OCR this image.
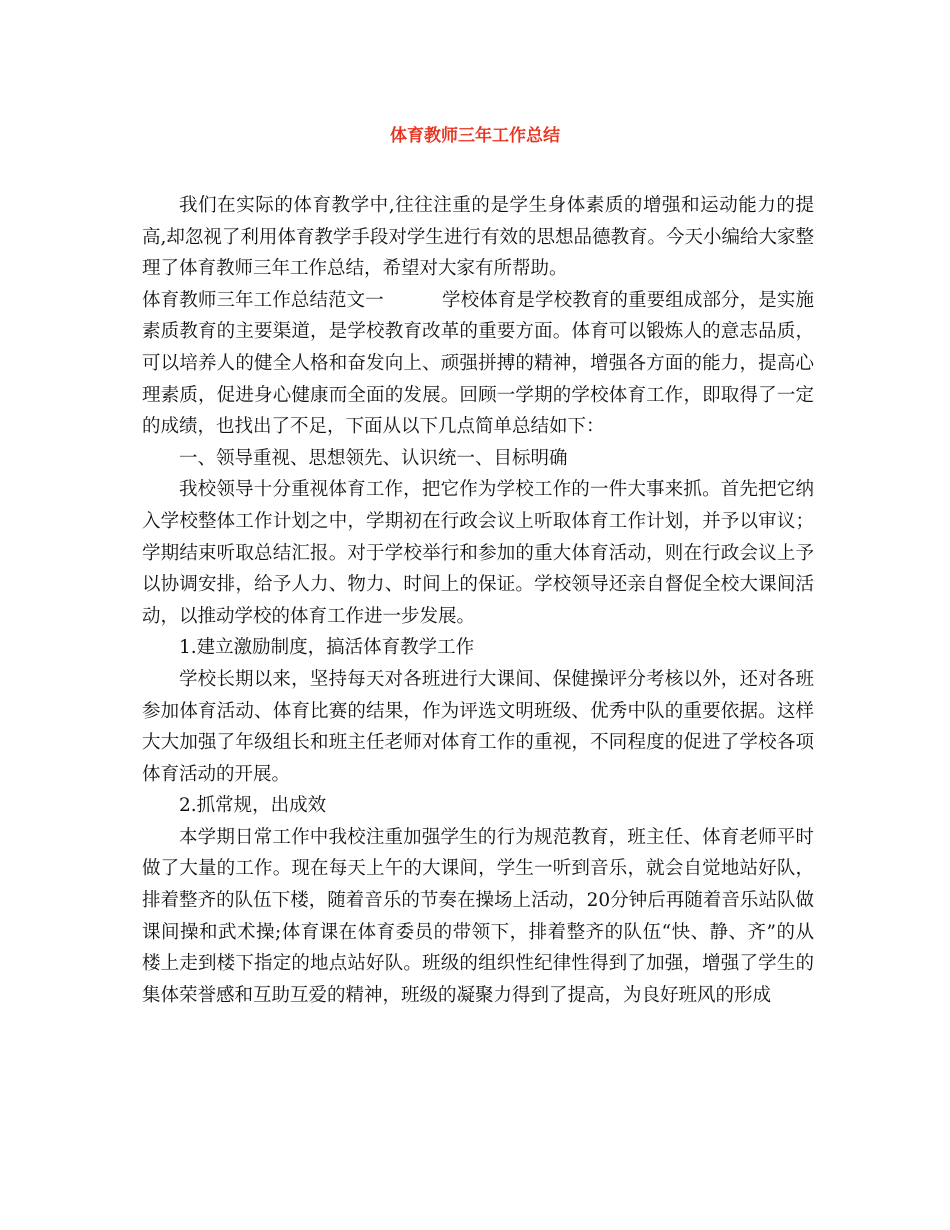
体育教师三年工作总结

我们在实际的体育教学中,往往注重的是学生身体素质的增强和运动能力的提高,却忽视了利用体育教学手段对学生进行有效的思想品德教育。今天小编给大家整理了体育教师三年工作总结，希望对大家有所帮助。

体育教师三年工作总结范文一	学校体育是学校教育的重要组成部分，是实施素质教育的主要渠道，是学校教育改革的重要方面。体育可以锻炼人的意志品质，可以培养人的健全人格和奋发向上、顽强拼搏的精神，增强各方面的能力，提高心理素质，促进身心健康而全面的发展。回顾一学期的学校体育工作，即取得了一定的成绩，也找出了不足，下面从以下几点简单总结如下：

一、领导重视、思想领先、认识统一、目标明确

我校领导十分重视体育工作，把它作为学校工作的一件大事来抓。首先把它纳入学校整体工作计划之中，学期初在行政会议上听取体育工作计划，并予以审议；学期结束听取总结汇报。对于学校举行和参加的重大体育活动，则在行政会议上予以协调安排，给予人力、物力、时间上的保证。学校领导还亲自督促全校大课间活动，以推动学校的体育工作进一步发展。

1.建立激励制度，搞活体育教学工作

学校长期以来，坚持每天对各班进行大课间、保健操评分考核以外，还对各班参加体育活动、体育比赛的结果，作为评选文明班级、优秀中队的重要依据。这样大大加强了年级组长和班主任老师对体育工作的重视，不同程度的促进了学校各项体育活动的开展。

2.抓常规，出成效

本学期日常工作中我校注重加强学生的行为规范教育，班主任、体育老师平时做了大量的工作。现在每天上午的大课间，学生一听到音乐，就会自觉地站好队，排着整齐的队伍下楼，随着音乐的节奏在操场上活动，20分钟后再随着音乐站队做课间操和武术操;体育课在体育委员的带领下，排着整齐的队伍“快、静、齐”的从楼上走到楼下指定的地点站好队。班级的组织性纪律性得到了加强，增强了学生的集体荣誉感和互助互爱的精神，班级的凝聚力得到了提高，为良好班风的形成
